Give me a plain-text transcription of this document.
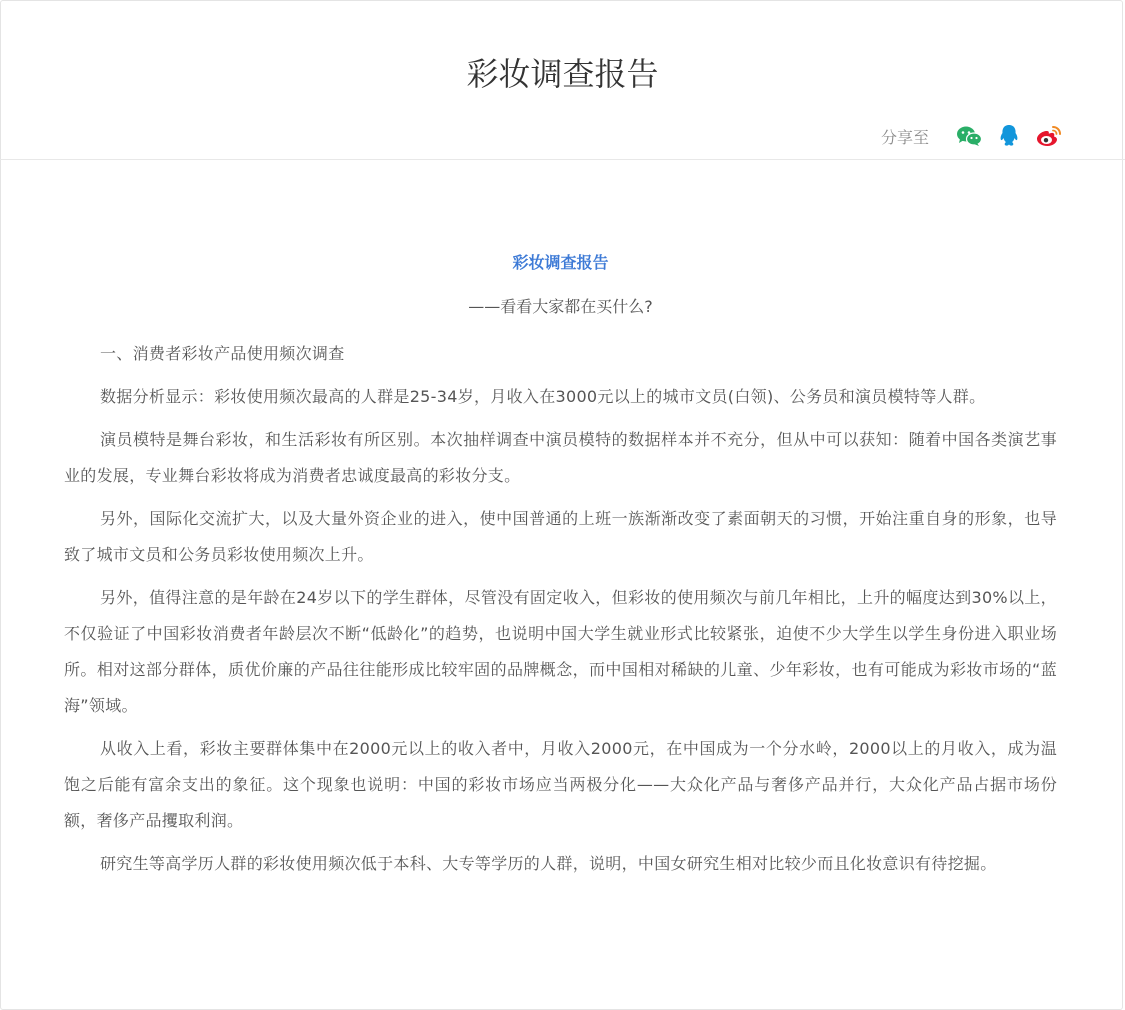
彩妆调查报告
分享至

彩妆调查报告

——看看大家都在买什么?

一、消费者彩妆产品使用频次调查

数据分析显示：彩妆使用频次最高的人群是25-34岁，月收入在3000元以上的城市文员(白领)、公务员和演员模特等人群。

演员模特是舞台彩妆，和生活彩妆有所区别。本次抽样调查中演员模特的数据样本并不充分，但从中可以获知：随着中国各类演艺事业的发展，专业舞台彩妆将成为消费者忠诚度最高的彩妆分支。

另外，国际化交流扩大，以及大量外资企业的进入，使中国普通的上班一族渐渐改变了素面朝天的习惯，开始注重自身的形象，也导致了城市文员和公务员彩妆使用频次上升。

另外，值得注意的是年龄在24岁以下的学生群体，尽管没有固定收入，但彩妆的使用频次与前几年相比，上升的幅度达到30%以上，不仅验证了中国彩妆消费者年龄层次不断“低龄化”的趋势，也说明中国大学生就业形式比较紧张，迫使不少大学生以学生身份进入职业场所。相对这部分群体，质优价廉的产品往往能形成比较牢固的品牌概念，而中国相对稀缺的儿童、少年彩妆，也有可能成为彩妆市场的“蓝海”领域。

从收入上看，彩妆主要群体集中在2000元以上的收入者中，月收入2000元，在中国成为一个分水岭，2000以上的月收入，成为温饱之后能有富余支出的象征。这个现象也说明：中国的彩妆市场应当两极分化——大众化产品与奢侈产品并行，大众化产品占据市场份额，奢侈产品攫取利润。

研究生等高学历人群的彩妆使用频次低于本科、大专等学历的人群，说明，中国女研究生相对比较少而且化妆意识有待挖掘。
